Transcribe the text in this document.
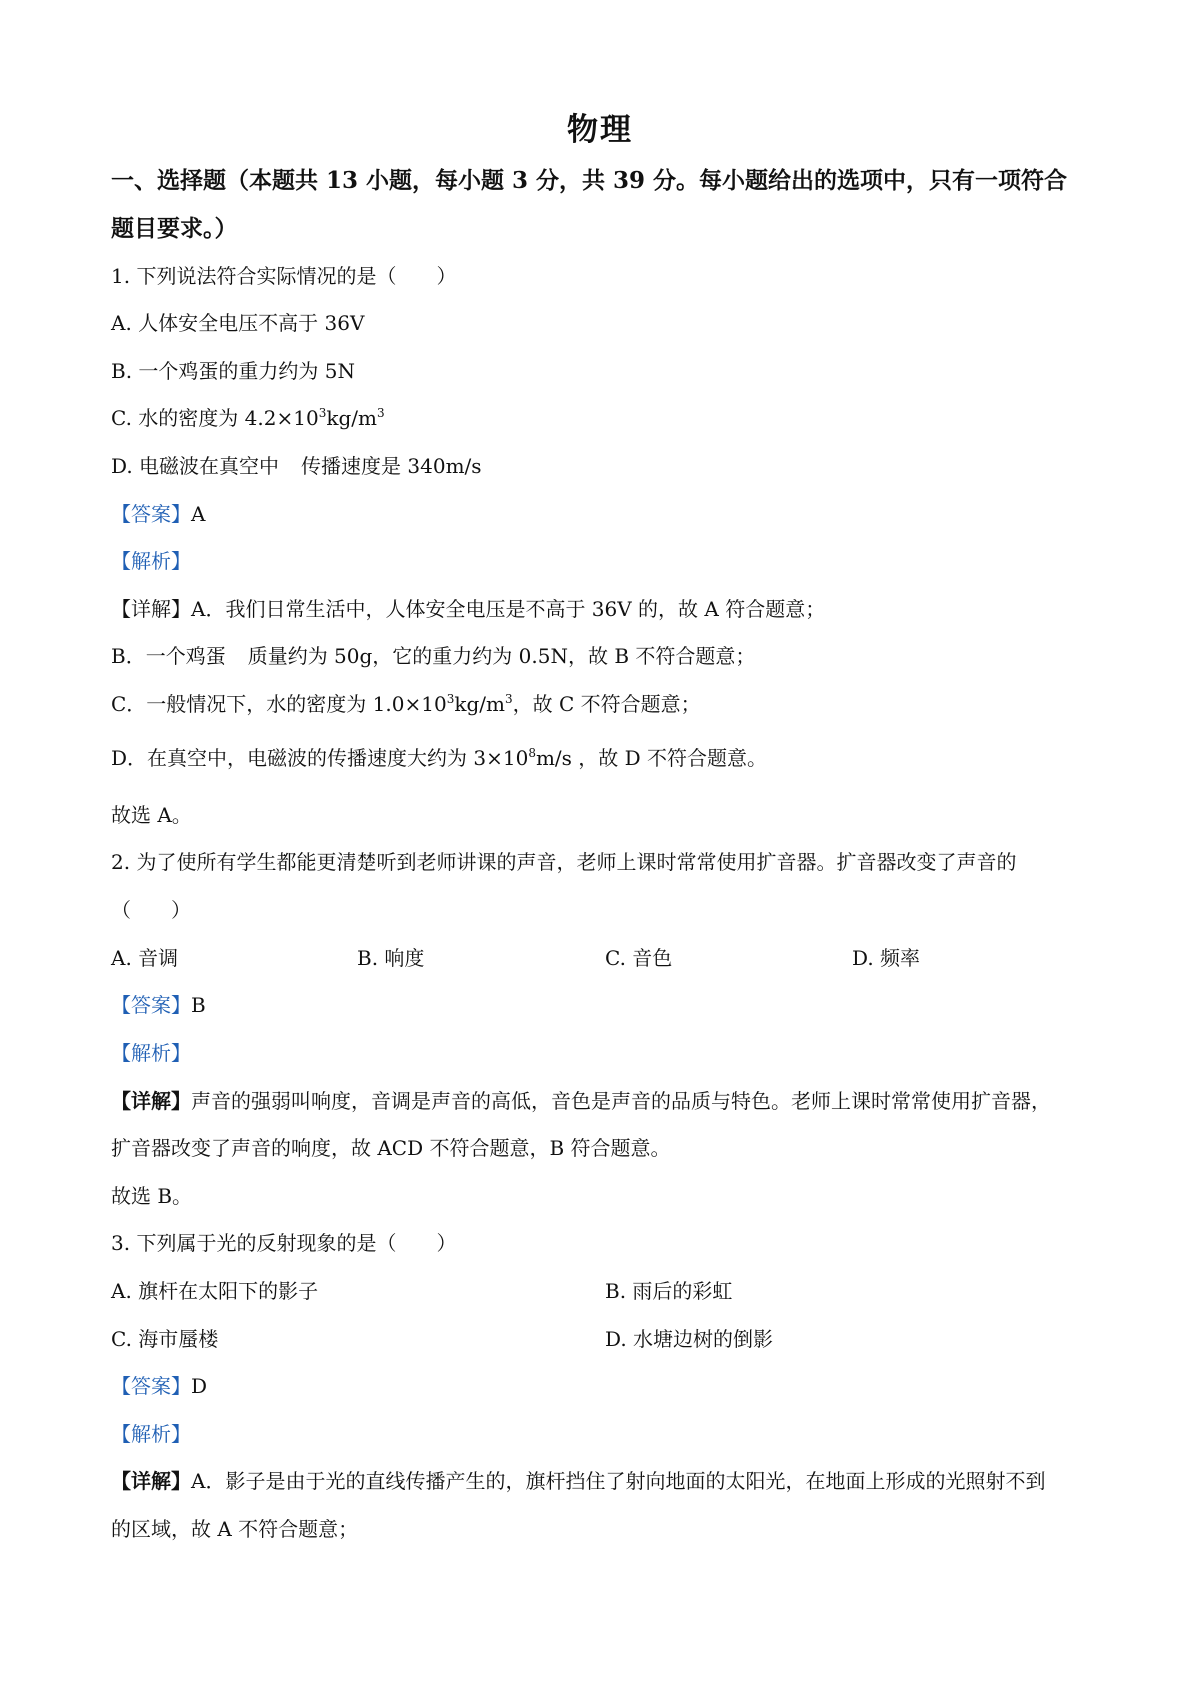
物理
一、选择题（本题共 13 小题，每小题 3 分，共 39 分。每小题给出的选项中，只有一项符合
题目要求。）
1. 下列说法符合实际情况的是（　　）
A. 人体安全电压不高于 36V
B. 一个鸡蛋的重力约为 5N
C. 水的密度为 $4.2\times 10^3kg/m^3$
D. 电磁波在真空中 传播速度是 340m/s
【答案】A
【解析】
【详解】A．我们日常生活中，人体安全电压是不高于 36V 的，故 A 符合题意；
B．一个鸡蛋 质量约为 50g，它的重力约为 0.5N，故 B 不符合题意；
C．一般情况下，水的密度为 $1.0\times 10^3kg/m^3$，故 C 不符合题意；
D．在真空中，电磁波的传播速度大约为 $3\times 10^8m/s$ ，故 D 不符合题意。
故选 A。
2. 为了使所有学生都能更清楚听到老师讲课的声音，老师上课时常常使用扩音器。扩音器改变了声音的
（　　）
A. 音调	B. 响度	C. 音色	D. 频率
【答案】B
【解析】
【详解】声音的强弱叫响度，音调是声音的高低，音色是声音的品质与特色。老师上课时常常使用扩音器，
扩音器改变了声音的响度，故 ACD 不符合题意，B 符合题意。
故选 B。
3. 下列属于光的反射现象的是（　　）
A. 旗杆在太阳下的影子	B. 雨后的彩虹
C. 海市蜃楼	D. 水塘边树的倒影
【答案】D
【解析】
【详解】A．影子是由于光的直线传播产生的，旗杆挡住了射向地面的太阳光，在地面上形成的光照射不到
的区域，故 A 不符合题意；
